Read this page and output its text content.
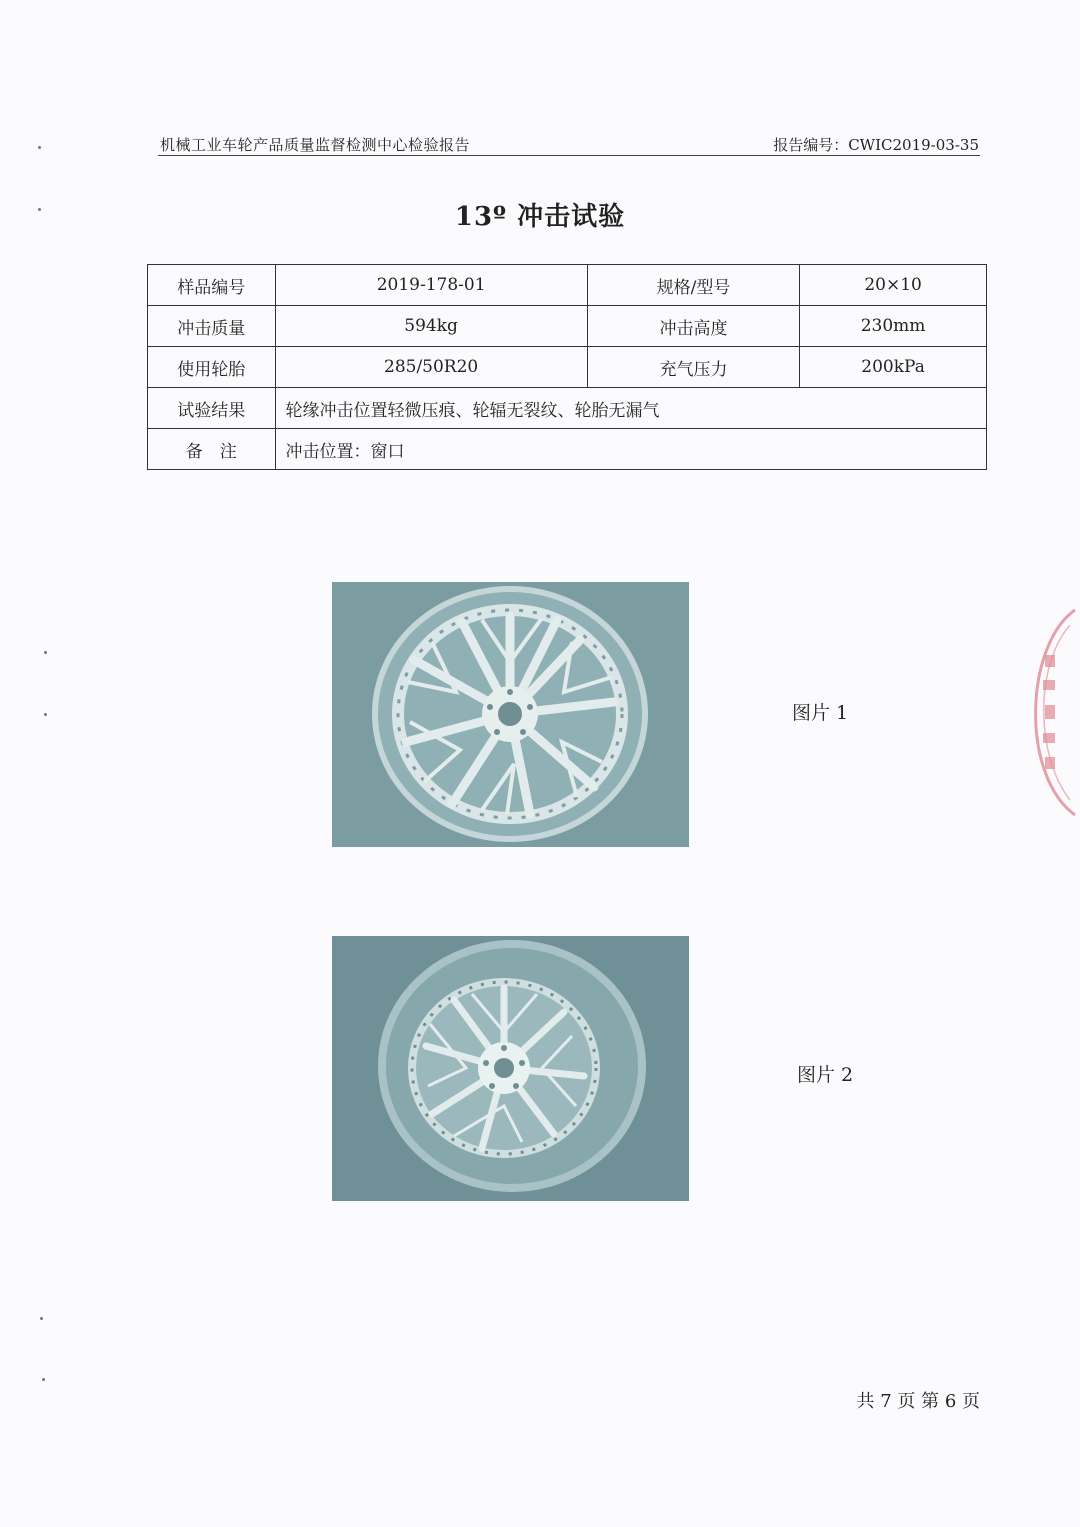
机械工业车轮产品质量监督检测中心检验报告	报告编号：CWIC2019-03-35
13º 冲击试验
样品编号	2019-178-01	规格/型号	20×10
冲击质量	594kg	冲击高度	230mm
使用轮胎	285/50R20	充气压力	200kPa
试验结果	轮缘冲击位置轻微压痕、轮辐无裂纹、轮胎无漏气		
备　注	冲击位置：窗口		
图片 1
图片 2
共 7 页 第 6 页
